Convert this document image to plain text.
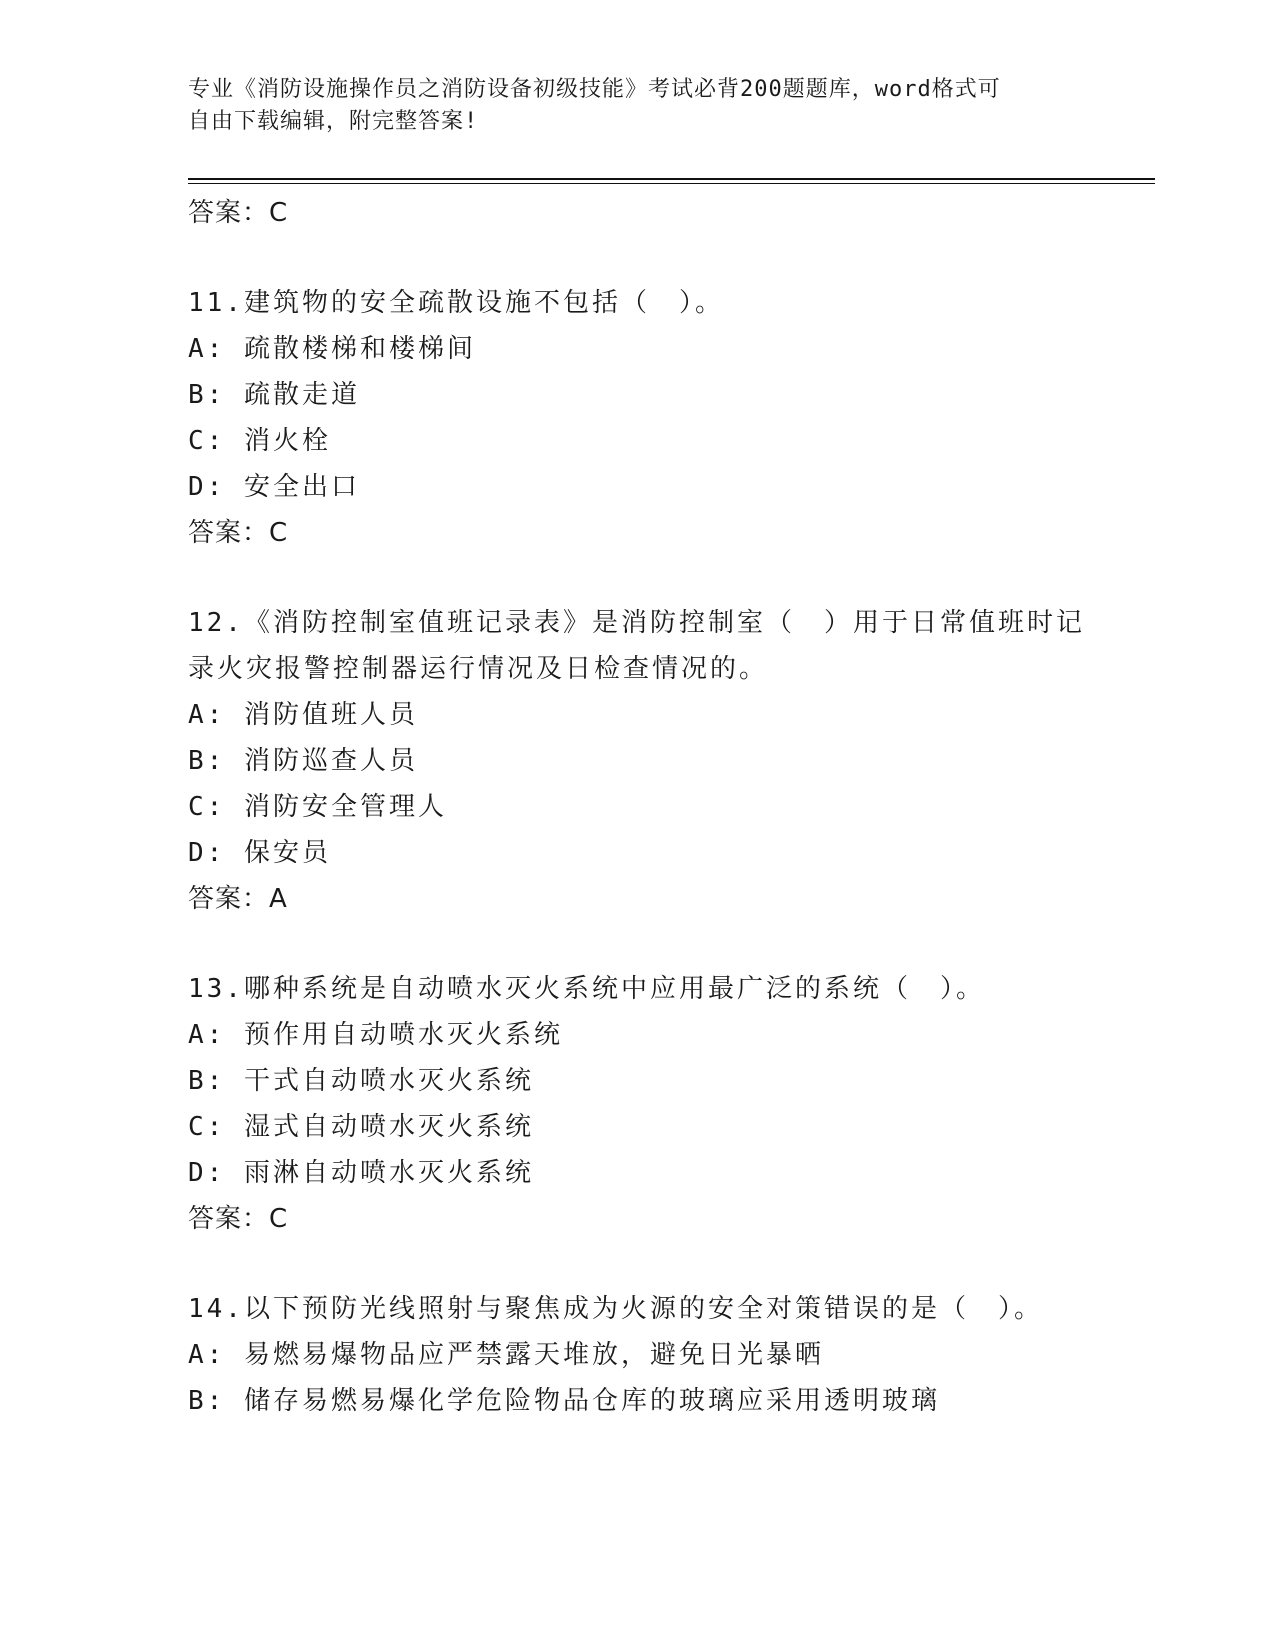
专业《消防设施操作员之消防设备初级技能》考试必背200题题库，word格式可
自由下载编辑，附完整答案!
答案：C
11.建筑物的安全疏散设施不包括（　）。
A: 疏散楼梯和楼梯间
B: 疏散走道
C: 消火栓
D: 安全出口
答案：C
12.《消防控制室值班记录表》是消防控制室（　）用于日常值班时记
录火灾报警控制器运行情况及日检查情况的。
A: 消防值班人员
B: 消防巡查人员
C: 消防安全管理人
D: 保安员
答案：A
13.哪种系统是自动喷水灭火系统中应用最广泛的系统（　）。
A: 预作用自动喷水灭火系统
B: 干式自动喷水灭火系统
C: 湿式自动喷水灭火系统
D: 雨淋自动喷水灭火系统
答案：C
14.以下预防光线照射与聚焦成为火源的安全对策错误的是（　）。
A: 易燃易爆物品应严禁露天堆放，避免日光暴晒
B: 储存易燃易爆化学危险物品仓库的玻璃应采用透明玻璃
